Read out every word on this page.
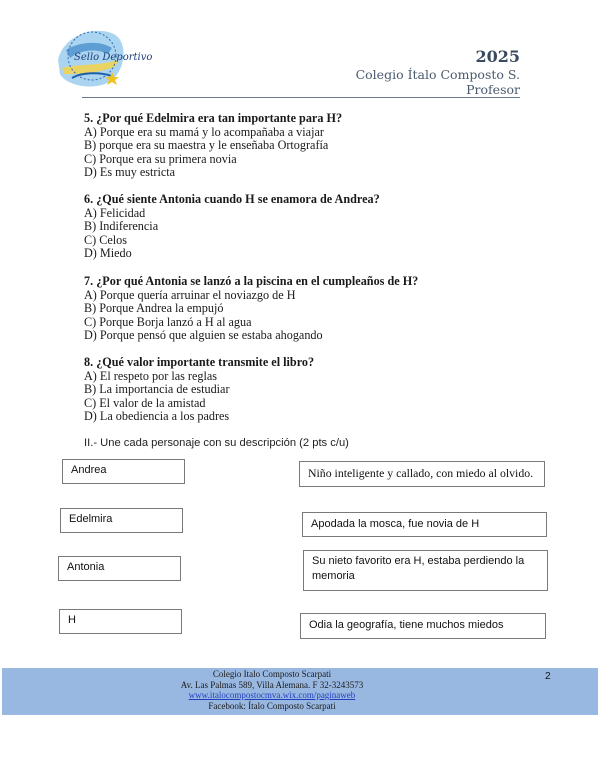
Sello Deportivo	2025
Colegio Ítalo Composto S.
Profesor
5. ¿Por qué Edelmira era tan importante para H?
A) Porque era su mamá y lo acompañaba a viajar
B) porque era su maestra y le enseñaba Ortografía
C) Porque era su primera novia
D) Es muy estricta
6. ¿Qué siente Antonia cuando H se enamora de Andrea?
A) Felicidad
B) Indiferencia
C) Celos
D) Miedo
7. ¿Por qué Antonia se lanzó a la piscina en el cumpleaños de H?
A) Porque quería arruinar el noviazgo de H
B) Porque Andrea la empujó
C) Porque Borja lanzó a H al agua
D) Porque pensó que alguien se estaba ahogando
8. ¿Qué valor importante transmite el libro?
A) El respeto por las reglas
B) La importancia de estudiar
C) El valor de la amistad
D) La obediencia a los padres
II.- Une cada personaje con su descripción (2 pts c/u)
Andrea
Edelmira
Antonia
H
Niño inteligente y callado, con miedo al olvido.
Apodada la mosca, fue novia de H
Su nieto favorito era H, estaba perdiendo la memoria
Odia la geografía, tiene muchos miedos
Colegio Italo Composto Scarpati
Av. Las Palmas 589, Villa Alemana. F 32-3243573
www.italocompostocmva.wix.com/paginaweb
Facebook: Ítalo Composto Scarpati
2
